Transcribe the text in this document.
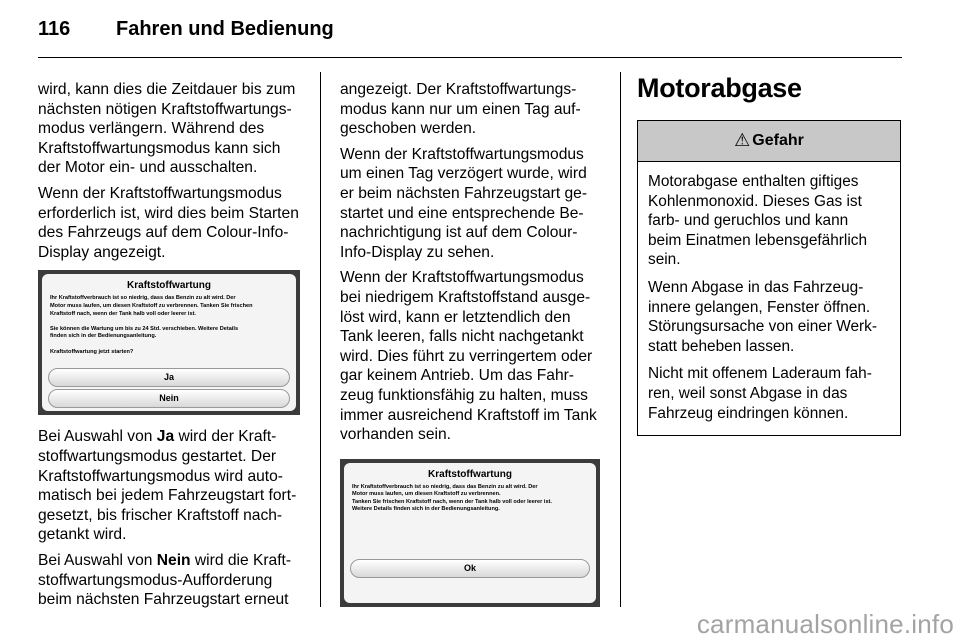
116 Fahren und Bedienung

wird, kann dies die Zeitdauer bis zum
nächsten nötigen Kraftstoffwartungs-
modus verlängern. Während des
Kraftstoffwartungsmodus kann sich
der Motor ein- und ausschalten.

Wenn der Kraftstoffwartungsmodus
erforderlich ist, wird dies beim Starten
des Fahrzeugs auf dem Colour-Info-
Display angezeigt.

Kraftstoffwartung
Ihr Kraftstoffverbrauch ist so niedrig, dass das Benzin zu alt wird. Der
Motor muss laufen, um diesen Kraftstoff zu verbrennen. Tanken Sie frischen
Kraftstoff nach, wenn der Tank halb voll oder leerer ist.

Sie können die Wartung um bis zu 24 Std. verschieben. Weitere Details
finden sich in der Bedienungsanleitung.

Kraftstoffwartung jetzt starten?
Ja
Nein

Bei Auswahl von Ja wird der Kraft-
stoffwartungsmodus gestartet. Der
Kraftstoffwartungsmodus wird auto-
matisch bei jedem Fahrzeugstart fort-
gesetzt, bis frischer Kraftstoff nach-
getankt wird.

Bei Auswahl von Nein wird die Kraft-
stoffwartungsmodus-Aufforderung
beim nächsten Fahrzeugstart erneut

angezeigt. Der Kraftstoffwartungs-
modus kann nur um einen Tag auf-
geschoben werden.

Wenn der Kraftstoffwartungsmodus
um einen Tag verzögert wurde, wird
er beim nächsten Fahrzeugstart ge-
startet und eine entsprechende Be-
nachrichtigung ist auf dem Colour-
Info-Display zu sehen.

Wenn der Kraftstoffwartungsmodus
bei niedrigem Kraftstoffstand ausge-
löst wird, kann er letztendlich den
Tank leeren, falls nicht nachgetankt
wird. Dies führt zu verringertem oder
gar keinem Antrieb. Um das Fahr-
zeug funktionsfähig zu halten, muss
immer ausreichend Kraftstoff im Tank
vorhanden sein.

Kraftstoffwartung
Ihr Kraftstoffverbrauch ist so niedrig, dass das Benzin zu alt wird. Der
Motor muss laufen, um diesen Kraftstoff zu verbrennen.
Tanken Sie frischen Kraftstoff nach, wenn der Tank halb voll oder leerer ist.
Weitere Details finden sich in der Bedienungsanleitung.
Ok
Motorabgase
⚠ Gefahr

Motorabgase enthalten giftiges
Kohlenmonoxid. Dieses Gas ist
farb- und geruchlos und kann
beim Einatmen lebensgefährlich
sein.

Wenn Abgase in das Fahrzeug-
innere gelangen, Fenster öffnen.
Störungsursache von einer Werk-
statt beheben lassen.

Nicht mit offenem Laderaum fah-
ren, weil sonst Abgase in das
Fahrzeug eindringen können.

carmanualsonline.info
